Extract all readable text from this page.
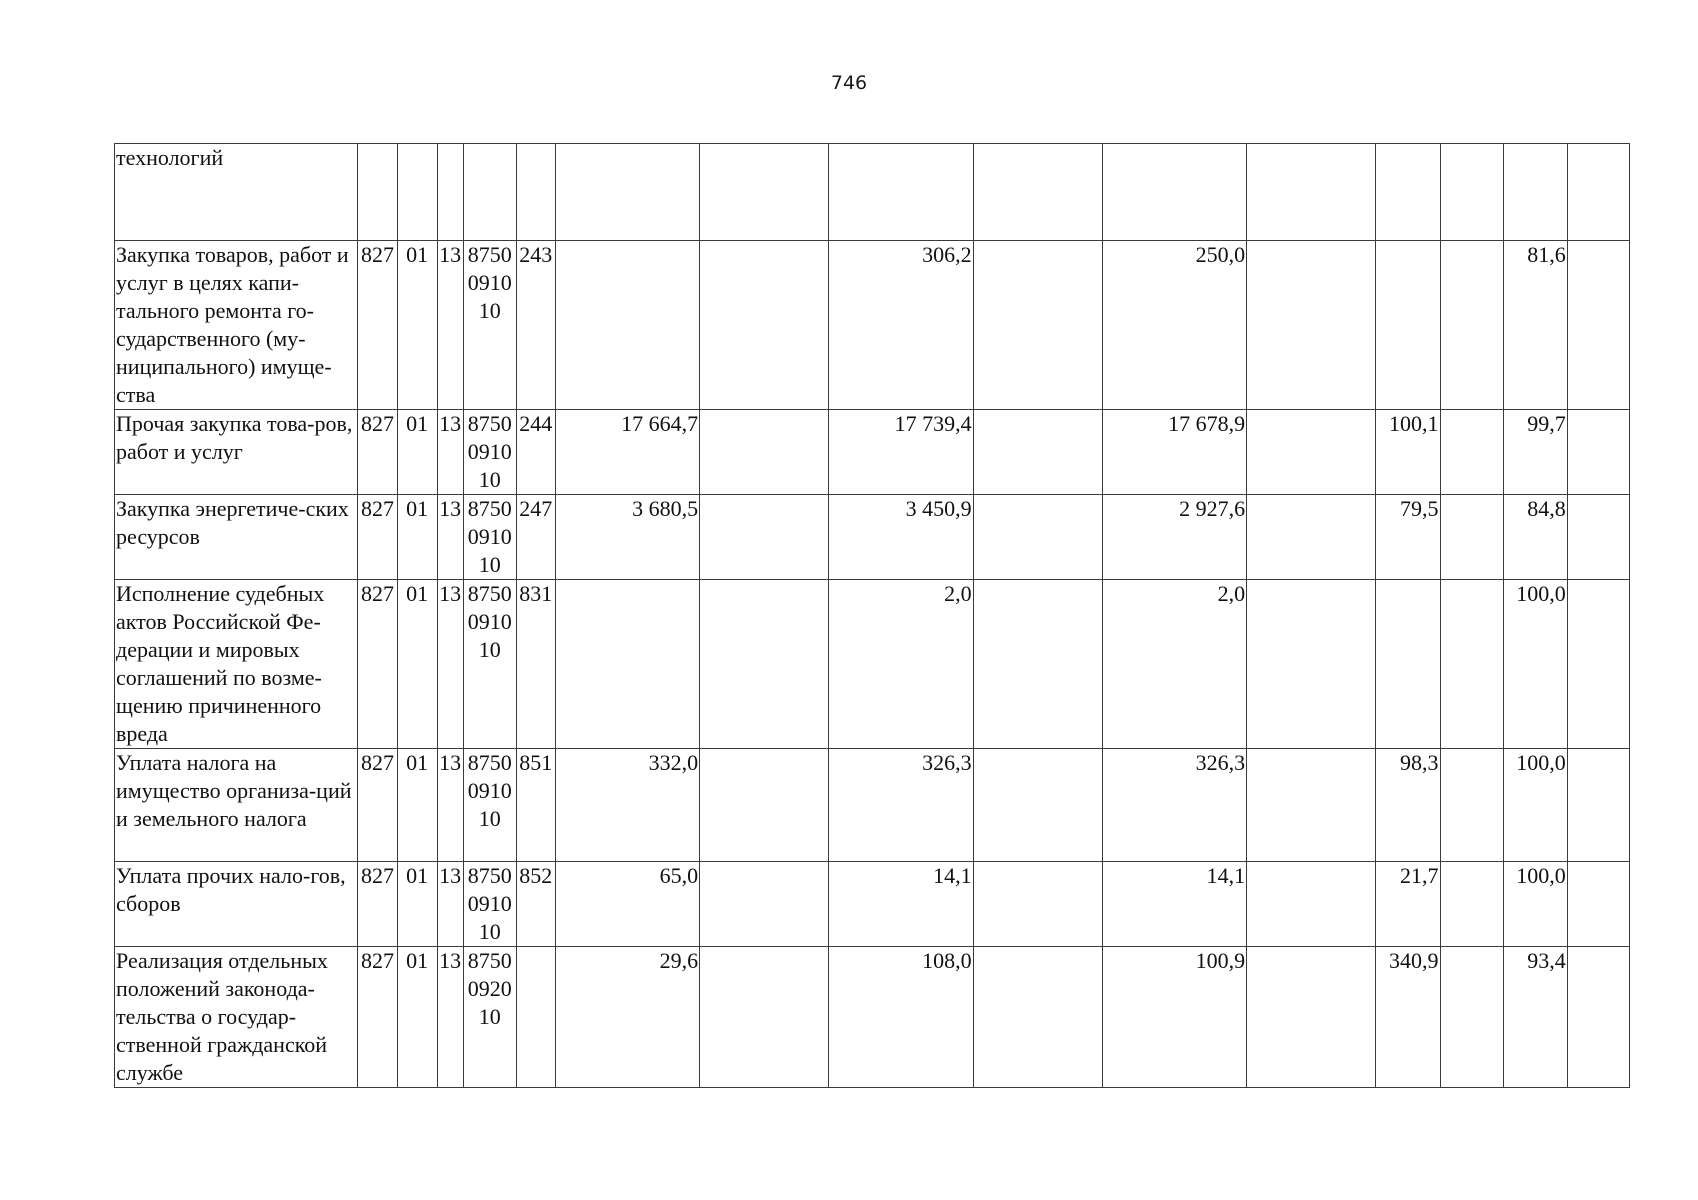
746
технологий															
Закупка товаров, работ и услуг в целях капи-тального ремонта го-сударственного (му-ниципального) имуще-ства	827	01	13	8750 0910 10	243			306,2		250,0				81,6	
Прочая закупка това-ров, работ и услуг	827	01	13	8750 0910 10	244	17 664,7		17 739,4		17 678,9		100,1		99,7	
Закупка энергетиче-ских ресурсов	827	01	13	8750 0910 10	247	3 680,5		3 450,9		2 927,6		79,5		84,8	
Исполнение судебных актов Российской Фе-дерации и мировых соглашений по возме-щению причиненного вреда	827	01	13	8750 0910 10	831			2,0		2,0				100,0	
Уплата налога на имущество организа-ций и земельного налога	827	01	13	8750 0910 10	851	332,0		326,3		326,3		98,3		100,0	
Уплата прочих нало-гов, сборов	827	01	13	8750 0910 10	852	65,0		14,1		14,1		21,7		100,0	
Реализация отдельных положений законода-тельства о государ-ственной гражданской службе	827	01	13	8750 0920 10		29,6		108,0		100,9		340,9		93,4	
